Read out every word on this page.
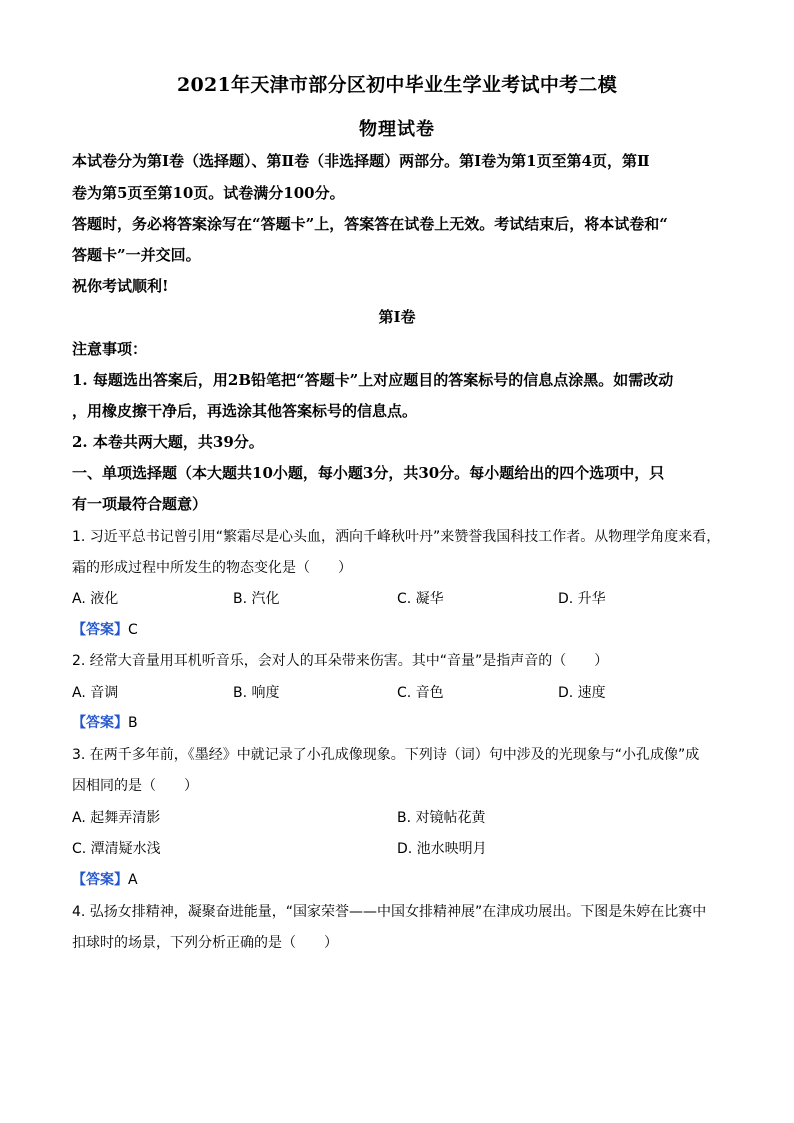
2021年天津市部分区初中毕业生学业考试中考二模
物理试卷
本试卷分为第Ⅰ卷（选择题）、第Ⅱ卷（非选择题）两部分。第Ⅰ卷为第1页至第4页，第Ⅱ
卷为第5页至第10页。试卷满分100分。
答题时，务必将答案涂写在“答题卡”上，答案答在试卷上无效。考试结束后，将本试卷和“
答题卡”一并交回。
祝你考试顺利!
第Ⅰ卷
注意事项：
1. 每题选出答案后，用2B铅笔把“答题卡”上对应题目的答案标号的信息点涂黑。如需改动
，用橡皮擦干净后，再选涂其他答案标号的信息点。
2. 本卷共两大题，共39分。
一、单项选择题（本大题共10小题，每小题3分，共30分。每小题给出的四个选项中，只
有一项最符合题意）
1. 习近平总书记曾引用“繁霜尽是心头血，洒向千峰秋叶丹”来赞誉我国科技工作者。从物理学角度来看，
霜的形成过程中所发生的物态变化是（　　）
A. 液化	B. 汽化	C. 凝华	D. 升华
【答案】C
2. 经常大音量用耳机听音乐，会对人的耳朵带来伤害。其中“音量”是指声音的（　　）
A. 音调	B. 响度	C. 音色	D. 速度
【答案】B
3. 在两千多年前，《墨经》中就记录了小孔成像现象。下列诗（词）句中涉及的光现象与“小孔成像”成
因相同的是（　　）
A. 起舞弄清影	B. 对镜帖花黄
C. 潭清疑水浅	D. 池水映明月
【答案】A
4. 弘扬女排精神，凝聚奋进能量，“国家荣誉——中国女排精神展”在津成功展出。下图是朱婷在比赛中
扣球时的场景，下列分析正确的是（　　）
